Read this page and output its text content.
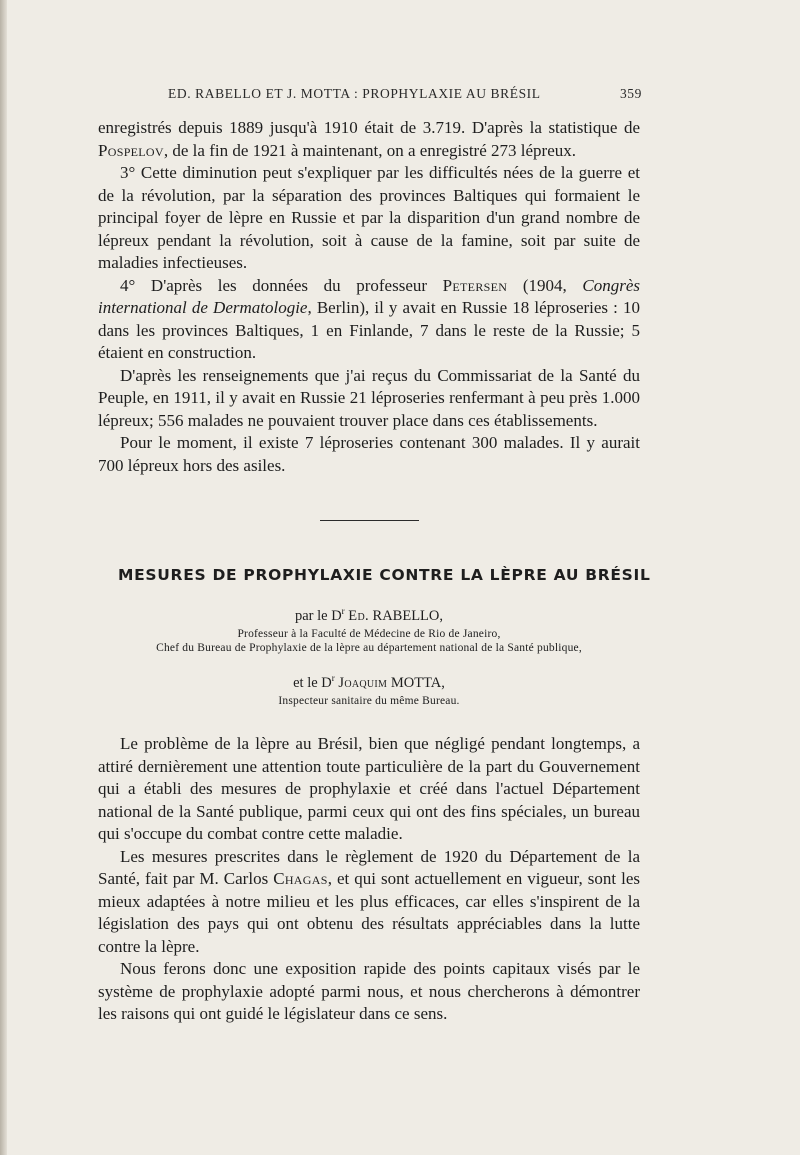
ED. RABELLO ET J. MOTTA : PROPHYLAXIE AU BRÉSIL	359

enregistrés depuis 1889 jusqu'à 1910 était de 3.719. D'après la statistique de Pospelov, de la fin de 1921 à maintenant, on a enregistré 273 lépreux.

3° Cette diminution peut s'expliquer par les difficultés nées de la guerre et de la révolution, par la séparation des provinces Baltiques qui formaient le principal foyer de lèpre en Russie et par la disparition d'un grand nombre de lépreux pendant la révolution, soit à cause de la famine, soit par suite de maladies infectieuses.

4° D'après les données du professeur Petersen (1904, Congrès international de Dermatologie, Berlin), il y avait en Russie 18 léproseries : 10 dans les provinces Baltiques, 1 en Finlande, 7 dans le reste de la Russie; 5 étaient en construction.

D'après les renseignements que j'ai reçus du Commissariat de la Santé du Peuple, en 1911, il y avait en Russie 21 léproseries renfermant à peu près 1.000 lépreux; 556 malades ne pouvaient trouver place dans ces établissements.

Pour le moment, il existe 7 léproseries contenant 300 malades. Il y aurait 700 lépreux hors des asiles.

MESURES DE PROPHYLAXIE CONTRE LA LÈPRE AU BRÉSIL
par le $D^r$ Ed. RABELLO,
Professeur à la Faculté de Médecine de Rio de Janeiro,
Chef du Bureau de Prophylaxie de la lèpre au département national de la Santé publique,
et le $D^r$ Joaquim MOTTA,
Inspecteur sanitaire du même Bureau.

Le problème de la lèpre au Brésil, bien que négligé pendant longtemps, a attiré dernièrement une attention toute particulière de la part du Gouvernement qui a établi des mesures de prophylaxie et créé dans l'actuel Département national de la Santé publique, parmi ceux qui ont des fins spéciales, un bureau qui s'occupe du combat contre cette maladie.

Les mesures prescrites dans le règlement de 1920 du Département de la Santé, fait par M. Carlos Chagas, et qui sont actuellement en vigueur, sont les mieux adaptées à notre milieu et les plus efficaces, car elles s'inspirent de la législation des pays qui ont obtenu des résultats appréciables dans la lutte contre la lèpre.

Nous ferons donc une exposition rapide des points capitaux visés par le système de prophylaxie adopté parmi nous, et nous chercherons à démontrer les raisons qui ont guidé le législateur dans ce sens.
